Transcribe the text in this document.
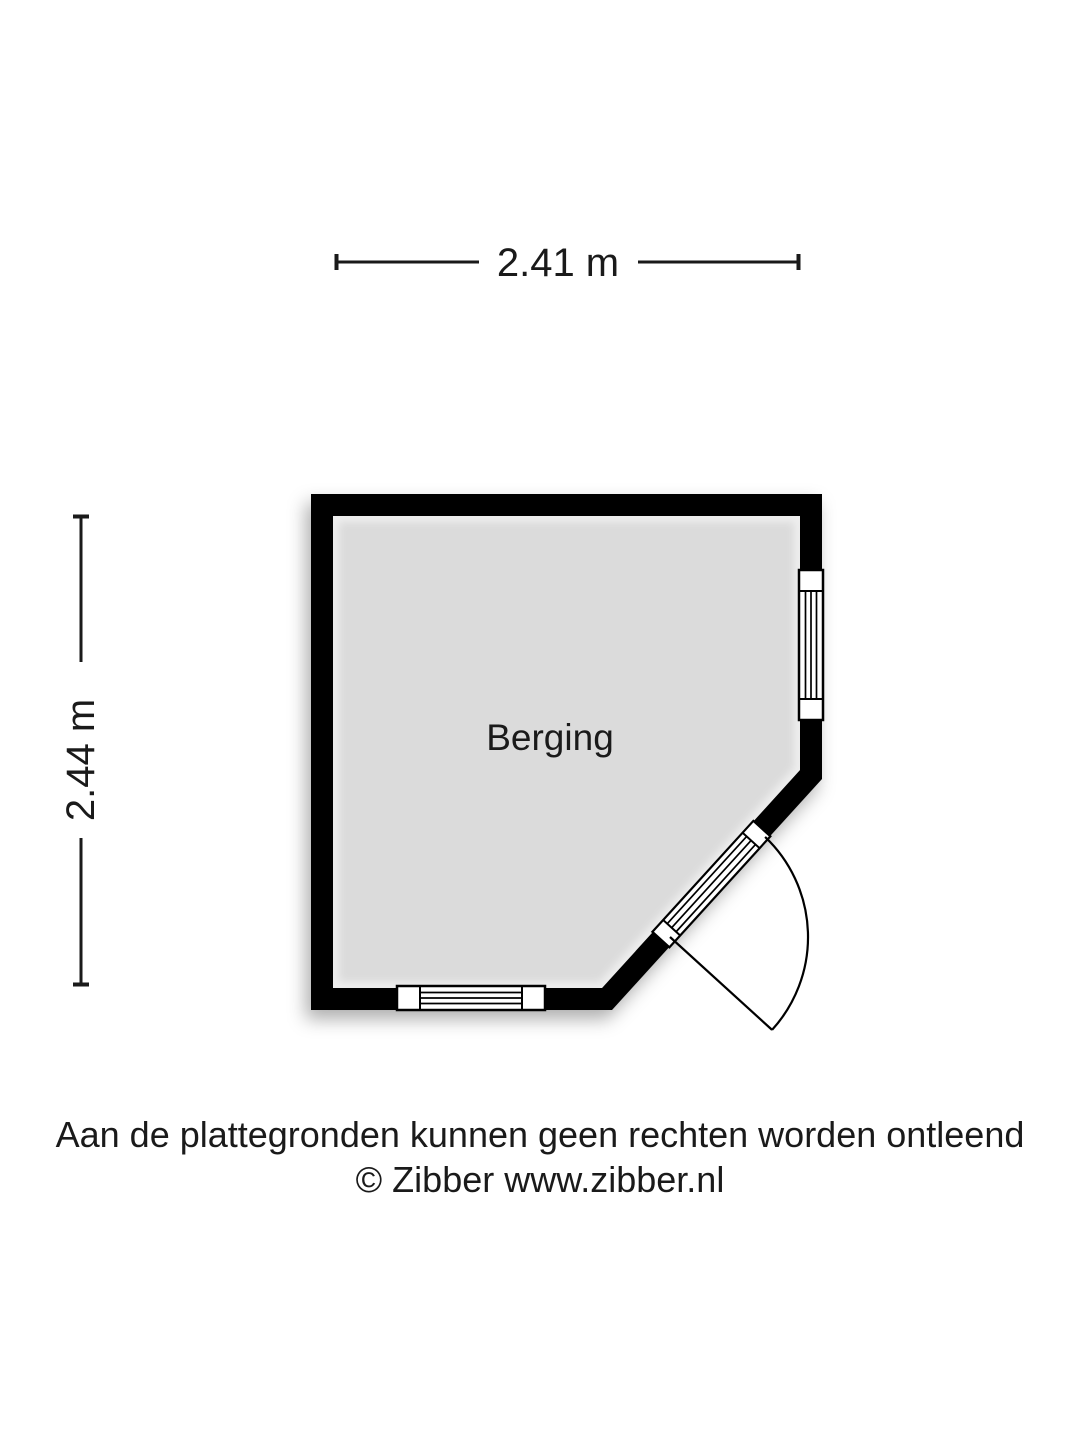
2.41 m
2.44 m	Berging
Aan de plattegronden kunnen geen rechten worden ontleend
© Zibber www.zibber.nl
